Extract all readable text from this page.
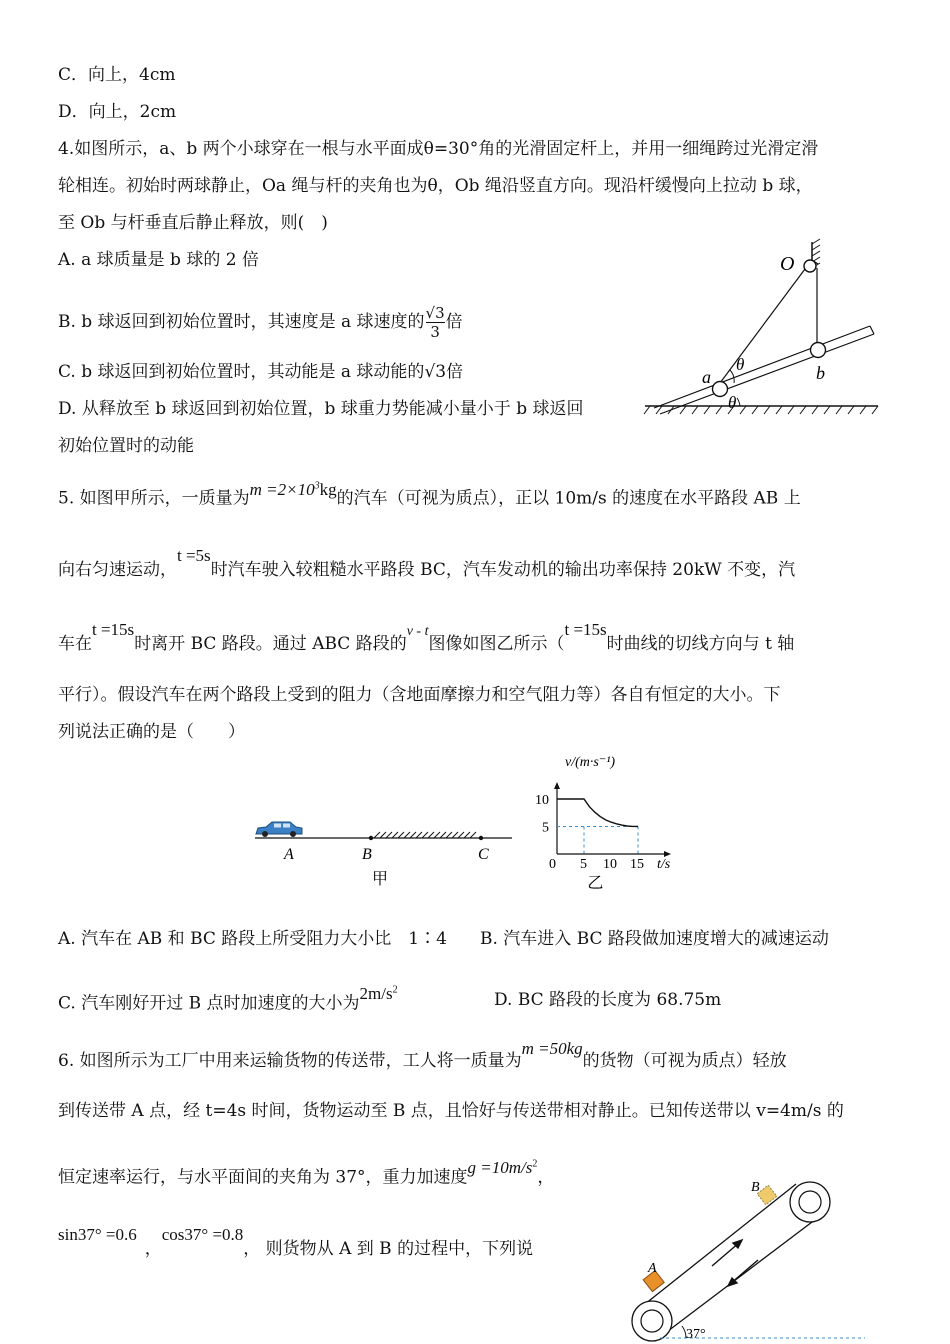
C．向上，4cm
D．向上，2cm
4.如图所示，a、b 两个小球穿在一根与水平面成θ=30°角的光滑固定杆上，并用一细绳跨过光滑定滑
轮相连。初始时两球静止，Oa 绳与杆的夹角也为θ，Ob 绳沿竖直方向。现沿杆缓慢向上拉动 b 球，
至 Ob 与杆垂直后静止释放，则(　)
A. a 球质量是 b 球的 2 倍
B. b 球返回到初始位置时，其速度是 a 球速度的 $\frac{√3}{3}$ 倍
C. b 球返回到初始位置时，其动能是 a 球动能的√3倍
D. 从释放至 b 球返回到初始位置，b 球重力势能减小量小于 b 球返回
初始位置时的动能
O
a	b
θ
θ
5. 如图甲所示，一质量为$m =2\times 10^3kg$的汽车（可视为质点），正以 10m/s 的速度在水平路段 AB 上
向右匀速运动，t =5s时汽车驶入较粗糙水平路段 BC，汽车发动机的输出功率保持 20kW 不变，汽
车在t =15s时离开 BC 路段。通过 ABC 路段的$^{v - t}$图像如图乙所示（t =15s时曲线的切线方向与 t 轴
平行）。假设汽车在两个路段上受到的阻力（含地面摩擦力和空气阻力等）各自有恒定的大小。下
列说法正确的是（　　）
A	B	C
甲
v/(m·s⁻¹)
t/s
0 5 10 15
5
10
乙
A. 汽车在 AB 和 BC 路段上所受阻力大小比　1∶4 B. 汽车进入 BC 路段做加速度增大的减速运动
C. 汽车刚好开过 B 点时加速度的大小为$2m/s^2$
D. BC 路段的长度为 68.75m
6. 如图所示为工厂中用来运输货物的传送带，工人将一质量为m =50kg的货物（可视为质点）轻放
到传送带 A 点，经 t=4s 时间，货物运动至 B 点，且恰好与传送带相对静止。已知传送带以 v=4m/s 的
恒定速率运行，与水平面间的夹角为 37°，重力加速度$g =10m/s^2$，
sin37° =0.6，cos37° =0.8， 则货物从 A 到 B 的过程中，下列说
A
B
37°
